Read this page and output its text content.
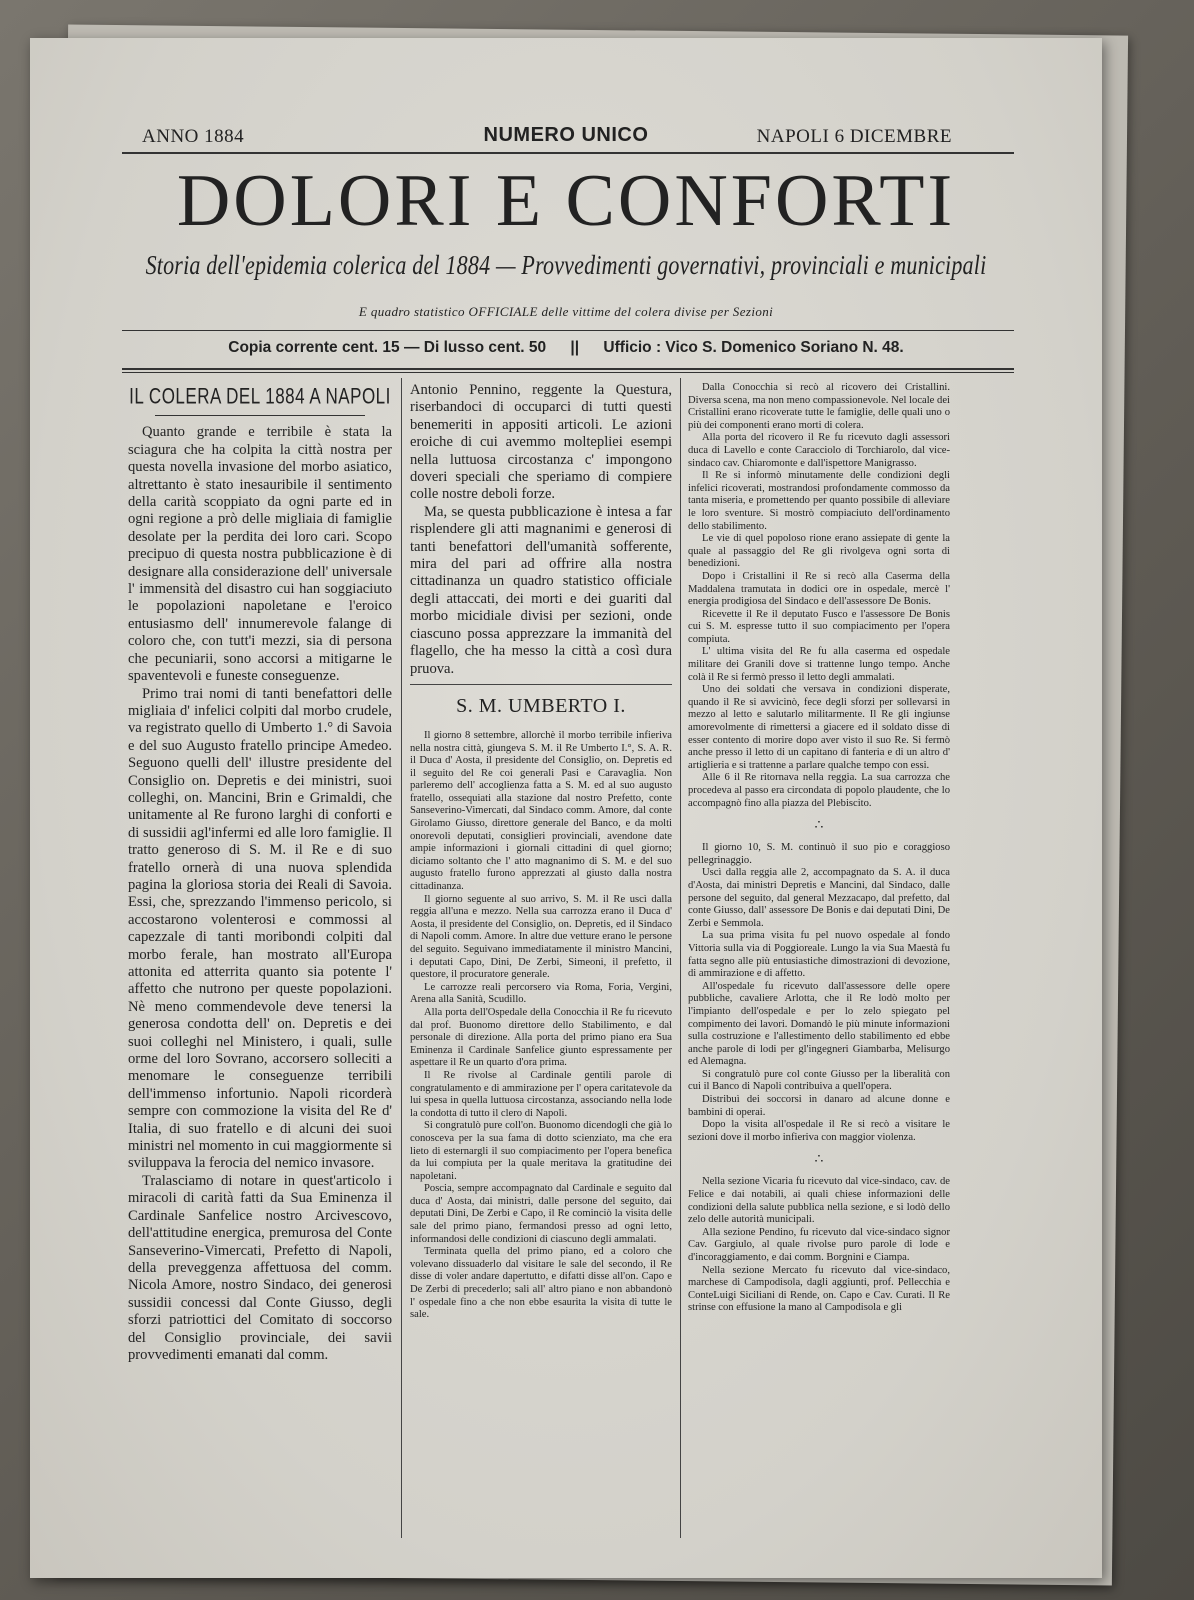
ANNO 1884	NUMERO UNICO	NAPOLI 6 DICEMBRE
DOLORI E CONFORTI
Storia dell'epidemia colerica del 1884 — Provvedimenti governativi, provinciali e municipali
E quadro statistico OFFICIALE delle vittime del colera divise per Sezioni
Copia corrente cent. 15 — Di lusso cent. 50 || Ufficio : Vico S. Domenico Soriano N. 48.
IL COLERA DEL 1884 A NAPOLI

Quanto grande e terribile è stata la sciagura che ha colpita la città nostra per questa novella invasione del morbo asiatico, altrettanto è stato inesauribile il sentimento della carità scoppiato da ogni parte ed in ogni regione a prò delle migliaia di famiglie desolate per la perdita dei loro cari. Scopo precipuo di questa nostra pubblicazione è di designare alla considerazione dell' universale l' immensità del disastro cui han soggiaciuto le popolazioni napoletane e l'eroico entusiasmo dell' innumerevole falange di coloro che, con tutt'i mezzi, sia di persona che pecuniarii, sono accorsi a mitigarne le spaventevoli e funeste conseguenze.

Primo trai nomi di tanti benefattori delle migliaia d' infelici colpiti dal morbo crudele, va registrato quello di Umberto 1.° di Savoia e del suo Augusto fratello principe Amedeo. Seguono quelli dell' illustre presidente del Consiglio on. Depretis e dei ministri, suoi colleghi, on. Mancini, Brin e Grimaldi, che unitamente al Re furono larghi di conforti e di sussidii agl'infermi ed alle loro famiglie. Il tratto generoso di S. M. il Re e di suo fratello ornerà di una nuova splendida pagina la gloriosa storia dei Reali di Savoia. Essi, che, sprezzando l'immenso pericolo, si accostarono volenterosi e commossi al capezzale di tanti moribondi colpiti dal morbo ferale, han mostrato all'Europa attonita ed atterrita quanto sia potente l' affetto che nutrono per queste popolazioni. Nè meno commendevole deve tenersi la generosa condotta dell' on. Depretis e dei suoi colleghi nel Ministero, i quali, sulle orme del loro Sovrano, accorsero solleciti a menomare le conseguenze terribili dell'immenso infortunio. Napoli ricorderà sempre con commozione la visita del Re d' Italia, di suo fratello e di alcuni dei suoi ministri nel momento in cui maggiormente si sviluppava la ferocia del nemico invasore.

Tralasciamo di notare in quest'articolo i miracoli di carità fatti da Sua Eminenza il Cardinale Sanfelice nostro Arcivescovo, dell'attitudine energica, premurosa del Conte Sanseverino-Vimercati, Prefetto di Napoli, della preveggenza affettuosa del comm. Nicola Amore, nostro Sindaco, dei generosi sussidii concessi dal Conte Giusso, degli sforzi patriottici del Comitato di soccorso del Consiglio provinciale, dei savii provvedimenti emanati dal comm.

Antonio Pennino, reggente la Questura, riserbandoci di occuparci di tutti questi benemeriti in appositi articoli. Le azioni eroiche di cui avemmo moltepliei esempi nella luttuosa circostanza c' impongono doveri speciali che speriamo di compiere colle nostre deboli forze.

Ma, se questa pubblicazione è intesa a far risplendere gli atti magnanimi e generosi di tanti benefattori dell'umanità sofferente, mira del pari ad offrire alla nostra cittadinanza un quadro statistico officiale degli attaccati, dei morti e dei guariti dal morbo micidiale divisi per sezioni, onde ciascuno possa apprezzare la immanità del flagello, che ha messo la città a così dura pruova.

S. M. UMBERTO I.

Il giorno 8 settembre, allorchè il morbo terribile infieriva nella nostra città, giungeva S. M. il Re Umberto I.°, S. A. R. il Duca d' Aosta, il presidente del Consiglio, on. Depretis ed il seguito del Re coi generali Pasi e Caravaglia. Non parleremo dell' accoglienza fatta a S. M. ed al suo augusto fratello, ossequiati alla stazione dal nostro Prefetto, conte Sanseverino-Vimercati, dal Sindaco comm. Amore, dal conte Girolamo Giusso, direttore generale del Banco, e da molti onorevoli deputati, consiglieri provinciali, avendone date ampie informazioni i giornali cittadini di quel giorno; diciamo soltanto che l' atto magnanimo di S. M. e del suo augusto fratello furono apprezzati al giusto dalla nostra cittadinanza.

Il giorno seguente al suo arrivo, S. M. il Re uscì dalla reggia all'una e mezzo. Nella sua carrozza erano il Duca d' Aosta, il presidente del Consiglio, on. Depretis, ed il Sindaco di Napoli comm. Amore. In altre due vetture erano le persone del seguito. Seguivano immediatamente il ministro Mancini, i deputati Capo, Dini, De Zerbi, Simeoni, il prefetto, il questore, il procuratore generale.

Le carrozze reali percorsero via Roma, Foria, Vergini, Arena alla Sanità, Scudillo.

Alla porta dell'Ospedale della Conocchia il Re fu ricevuto dal prof. Buonomo direttore dello Stabilimento, e dal personale di direzione. Alla porta del primo piano era Sua Eminenza il Cardinale Sanfelice giunto espressamente per aspettare il Re un quarto d'ora prima.

Il Re rivolse al Cardinale gentili parole di congratulamento e di ammirazione per l' opera caritatevole da lui spesa in quella luttuosa circostanza, associando nella lode la condotta di tutto il clero di Napoli.

Si congratulò pure coll'on. Buonomo dicendogli che già lo conosceva per la sua fama di dotto scienziato, ma che era lieto di esternargli il suo compiacimento per l'opera benefica da lui compiuta per la quale meritava la gratitudine dei napoletani.

Poscia, sempre accompagnato dal Cardinale e seguito dal duca d' Aosta, dai ministri, dalle persone del seguito, dai deputati Dini, De Zerbi e Capo, il Re cominciò la visita delle sale del primo piano, fermandosi presso ad ogni letto, informandosi delle condizioni di ciascuno degli ammalati.

Terminata quella del primo piano, ed a coloro che volevano dissuaderlo dal visitare le sale del secondo, il Re disse di voler andare dapertutto, e difatti disse all'on. Capo e De Zerbi di precederlo; sali all' altro piano e non abbandonò l' ospedale fino a che non ebbe esaurita la visita di tutte le sale.

Dalla Conocchia si recò al ricovero dei Cristallini. Diversa scena, ma non meno compassionevole. Nel locale dei Cristallini erano ricoverate tutte le famiglie, delle quali uno o più dei componenti erano morti di colera.

Alla porta del ricovero il Re fu ricevuto dagli assessori duca di Lavello e conte Caracciolo di Torchiarolo, dal vice-sindaco cav. Chiaromonte e dall'ispettore Manigrasso.

Il Re si informò minutamente delle condizioni degli infelici ricoverati, mostrandosi profondamente commosso da tanta miseria, e promettendo per quanto possibile di alleviare le loro sventure. Si mostrò compiaciuto dell'ordinamento dello stabilimento.

Le vie di quel popoloso rione erano assiepate di gente la quale al passaggio del Re gli rivolgeva ogni sorta di benedizioni.

Dopo i Cristallini il Re si recò alla Caserma della Maddalena tramutata in dodici ore in ospedale, mercè l' energia prodigiosa del Sindaco e dell'assessore De Bonis.

Ricevette il Re il deputato Fusco e l'assessore De Bonis cui S. M. espresse tutto il suo compiacimento per l'opera compiuta.

L' ultima visita del Re fu alla caserma ed ospedale militare dei Granili dove si trattenne lungo tempo. Anche colà il Re si fermò presso il letto degli ammalati.

Uno dei soldati che versava in condizioni disperate, quando il Re si avvicinò, fece degli sforzi per sollevarsi in mezzo al letto e salutarlo militarmente. Il Re gli ingiunse amorevolmente di rimettersi a giacere ed il soldato disse di esser contento di morire dopo aver visto il suo Re. Si fermò anche presso il letto di un capitano di fanteria e di un altro d' artiglieria e si trattenne a parlare qualche tempo con essi.

Alle 6 il Re ritornava nella reggia. La sua carrozza che procedeva al passo era circondata di popolo plaudente, che lo accompagnò fino alla piazza del Plebiscito.

∴

Il giorno 10, S. M. continuò il suo pio e coraggioso pellegrinaggio.

Uscì dalla reggia alle 2, accompagnato da S. A. il duca d'Aosta, dai ministri Depretis e Mancini, dal Sindaco, dalle persone del seguito, dal general Mezzacapo, dal prefetto, dal conte Giusso, dall' assessore De Bonis e dai deputati Dini, De Zerbi e Semmola.

La sua prima visita fu pel nuovo ospedale al fondo Vittoria sulla via di Poggioreale. Lungo la via Sua Maestà fu fatta segno alle più entusiastiche dimostrazioni di devozione, di ammirazione e di affetto.

All'ospedale fu ricevuto dall'assessore delle opere pubbliche, cavaliere Arlotta, che il Re lodò molto per l'impianto dell'ospedale e per lo zelo spiegato pel compimento dei lavori. Domandò le più minute informazioni sulla costruzione e l'allestimento dello stabilimento ed ebbe anche parole di lodi per gl'ingegneri Giambarba, Melisurgo ed Alemagna.

Si congratulò pure col conte Giusso per la liberalità con cui il Banco di Napoli contribuiva a quell'opera.

Distribuì dei soccorsi in danaro ad alcune donne e bambini di operai.

Dopo la visita all'ospedale il Re si recò a visitare le sezioni dove il morbo infieriva con maggior violenza.

∴

Nella sezione Vicaria fu ricevuto dal vice-sindaco, cav. de Felice e dai notabili, ai quali chiese informazioni delle condizioni della salute pubblica nella sezione, e si lodò dello zelo delle autorità municipali.

Alla sezione Pendino, fu ricevuto dal vice-sindaco signor Cav. Gargiulo, al quale rivolse puro parole di lode e d'incoraggiamento, e dai comm. Borgnini e Ciampa.

Nella sezione Mercato fu ricevuto dal vice-sindaco, marchese di Campodisola, dagli aggiunti, prof. Pellecchia e ConteLuigi Siciliani di Rende, on. Capo e Cav. Curati. Il Re strinse con effusione la mano al Campodisola e gli
